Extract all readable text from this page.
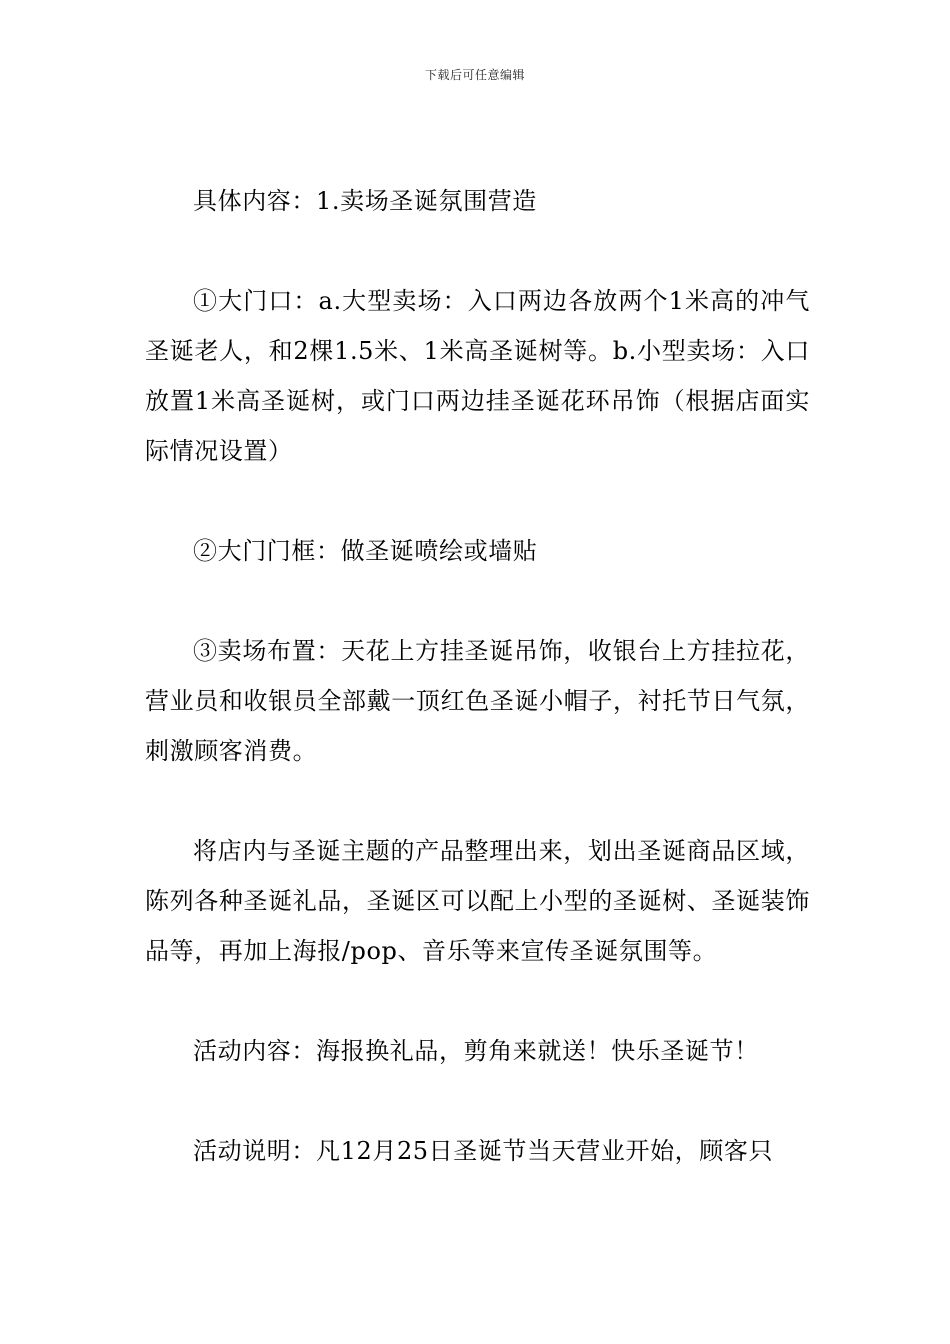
下载后可任意编辑

具体内容：1.卖场圣诞氛围营造

①大门口：a.大型卖场：入口两边各放两个1米高的冲气圣诞老人，和2棵1.5米、1米高圣诞树等。b.小型卖场：入口放置1米高圣诞树，或门口两边挂圣诞花环吊饰（根据店面实际情况设置）

②大门门框：做圣诞喷绘或墙贴

③卖场布置：天花上方挂圣诞吊饰，收银台上方挂拉花，营业员和收银员全部戴一顶红色圣诞小帽子，衬托节日气氛，刺激顾客消费。

将店内与圣诞主题的产品整理出来，划出圣诞商品区域，陈列各种圣诞礼品，圣诞区可以配上小型的圣诞树、圣诞装饰品等，再加上海报/pop、音乐等来宣传圣诞氛围等。

活动内容：海报换礼品，剪角来就送！快乐圣诞节！

活动说明：凡12月25日圣诞节当天营业开始，顾客只
